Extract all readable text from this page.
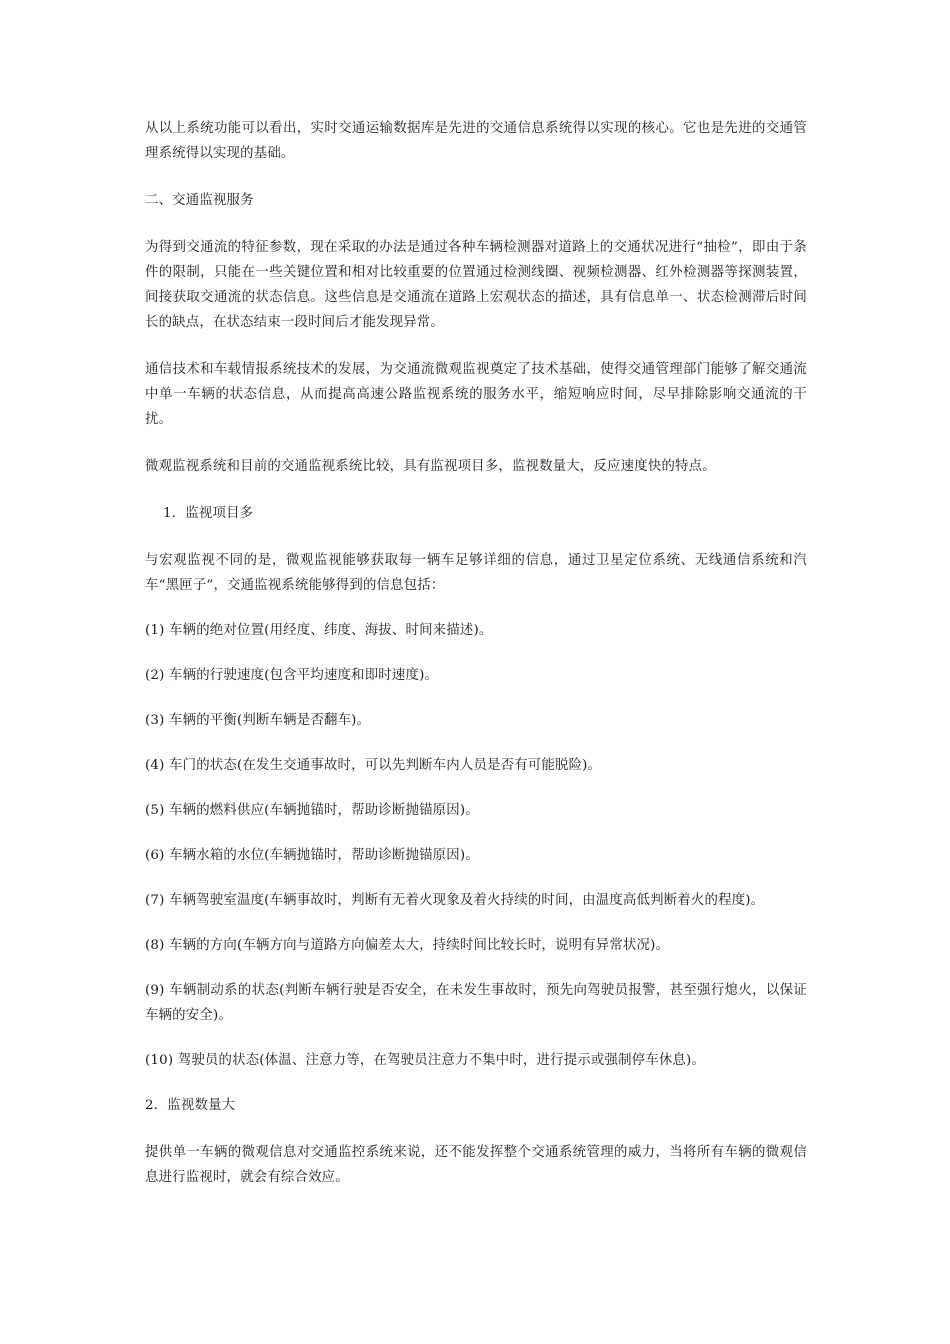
从以上系统功能可以看出，实时交通运输数据库是先进的交通信息系统得以实现的核心。它也是先进的交通管理系统得以实现的基础。

二、交通监视服务

为得到交通流的特征参数，现在采取的办法是通过各种车辆检测器对道路上的交通状况进行“抽检”，即由于条件的限制，只能在一些关键位置和相对比较重要的位置通过检测线圈、视频检测器、红外检测器等探测装置，间接获取交通流的状态信息。这些信息是交通流在道路上宏观状态的描述，具有信息单一、状态检测滞后时间长的缺点，在状态结束一段时间后才能发现异常。

通信技术和车载情报系统技术的发展，为交通流微观监视奠定了技术基础，使得交通管理部门能够了解交通流中单一车辆的状态信息，从而提高高速公路监视系统的服务水平，缩短响应时间，尽早排除影响交通流的干扰。

微观监视系统和目前的交通监视系统比较，具有监视项目多，监视数量大，反应速度快的特点。

1．监视项目多

与宏观监视不同的是，微观监视能够获取每一辆车足够详细的信息，通过卫星定位系统、无线通信系统和汽车“黑匣子”，交通监视系统能够得到的信息包括：

(1) 车辆的绝对位置(用经度、纬度、海拔、时间来描述)。

(2) 车辆的行驶速度(包含平均速度和即时速度)。

(3) 车辆的平衡(判断车辆是否翻车)。

(4) 车门的状态(在发生交通事故时，可以先判断车内人员是否有可能脱险)。

(5) 车辆的燃料供应(车辆抛锚时，帮助诊断抛锚原因)。

(6) 车辆水箱的水位(车辆抛锚时，帮助诊断抛锚原因)。

(7) 车辆驾驶室温度(车辆事故时，判断有无着火现象及着火持续的时间，由温度高低判断着火的程度)。

(8) 车辆的方向(车辆方向与道路方向偏差太大，持续时间比较长时，说明有异常状况)。

(9) 车辆制动系的状态(判断车辆行驶是否安全，在未发生事故时，预先向驾驶员报警，甚至强行熄火，以保证车辆的安全)。

(10) 驾驶员的状态(体温、注意力等，在驾驶员注意力不集中时，进行提示或强制停车休息)。

2．监视数量大

提供单一车辆的微观信息对交通监控系统来说，还不能发挥整个交通系统管理的威力，当将所有车辆的微观信息进行监视时，就会有综合效应。
